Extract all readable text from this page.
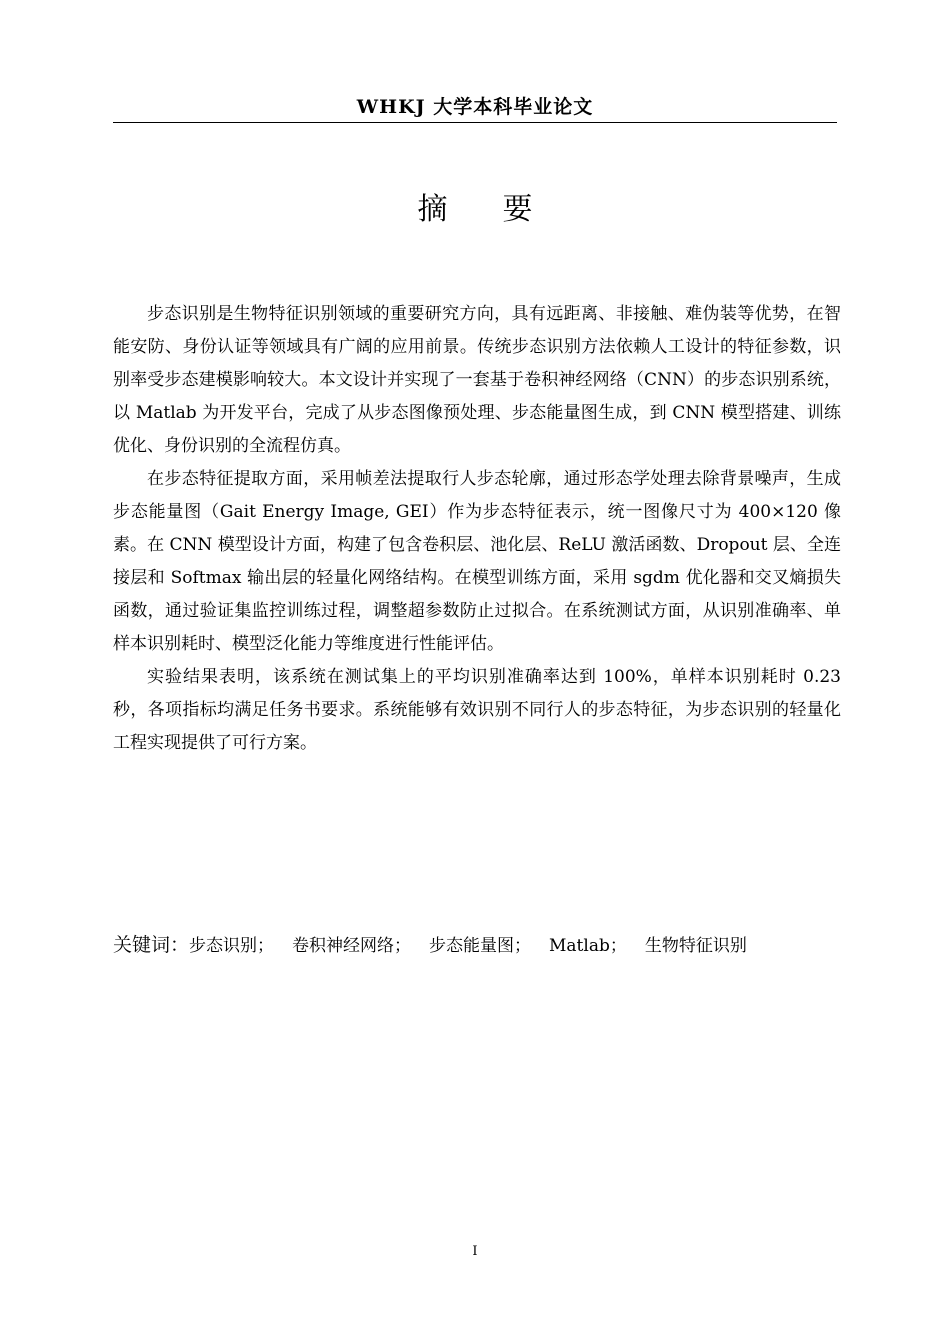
WHKJ 大学本科毕业论文
摘要

步态识别是生物特征识别领域的重要研究方向，具有远距离、非接触、难伪装等优势，在智能安防、身份认证等领域具有广阔的应用前景。传统步态识别方法依赖人工设计的特征参数，识别率受步态建模影响较大。本文设计并实现了一套基于卷积神经网络（CNN）的步态识别系统，以 Matlab 为开发平台，完成了从步态图像预处理、步态能量图生成，到 CNN 模型搭建、训练优化、身份识别的全流程仿真。

在步态特征提取方面，采用帧差法提取行人步态轮廓，通过形态学处理去除背景噪声，生成步态能量图（Gait Energy Image, GEI）作为步态特征表示，统一图像尺寸为 400×120 像素。在 CNN 模型设计方面，构建了包含卷积层、池化层、ReLU 激活函数、Dropout 层、全连接层和 Softmax 输出层的轻量化网络结构。在模型训练方面，采用 sgdm 优化器和交叉熵损失函数，通过验证集监控训练过程，调整超参数防止过拟合。在系统测试方面，从识别准确率、单样本识别耗时、模型泛化能力等维度进行性能评估。

实验结果表明，该系统在测试集上的平均识别准确率达到 100%，单样本识别耗时 0.23 秒，各项指标均满足任务书要求。系统能够有效识别不同行人的步态特征，为步态识别的轻量化工程实现提供了可行方案。

关键词：步态识别； 卷积神经网络； 步态能量图； Matlab； 生物特征识别
I
